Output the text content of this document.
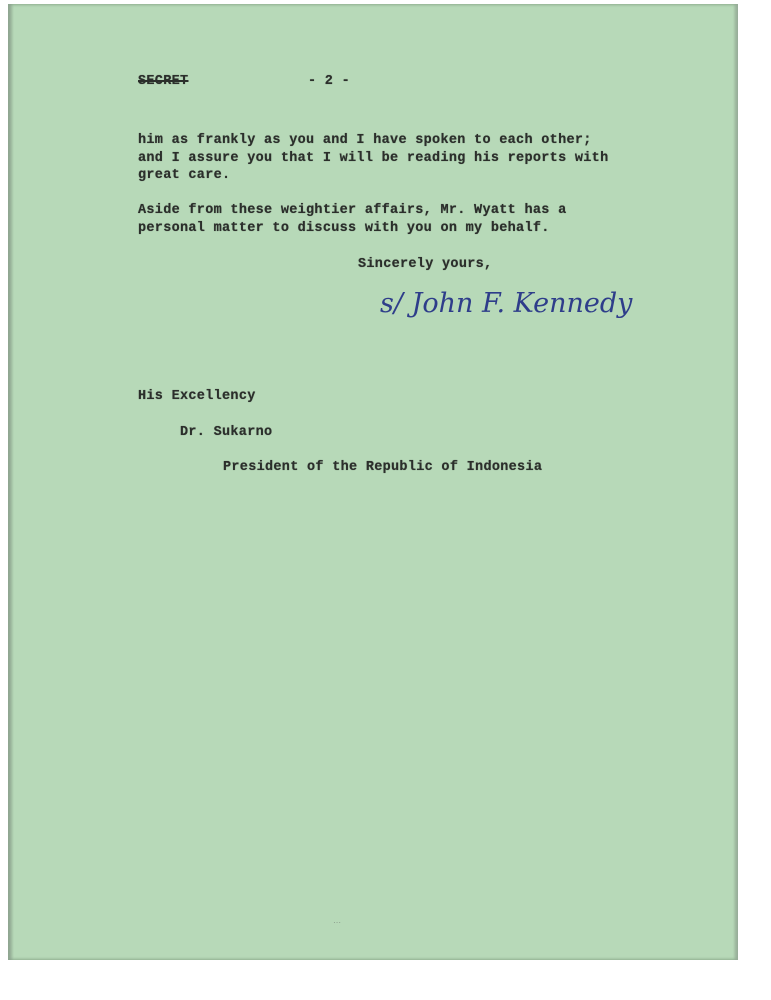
SECRET	- 2 -
him as frankly as you and I have spoken to each other;
and I assure you that I will be reading his reports with
great care.
Aside from these weightier affairs, Mr. Wyatt has a
personal matter to discuss with you on my behalf.
Sincerely yours,
His Excellency
Dr. Sukarno
President of the Republic of Indonesia
⋯
s/ John F. Kennedy
